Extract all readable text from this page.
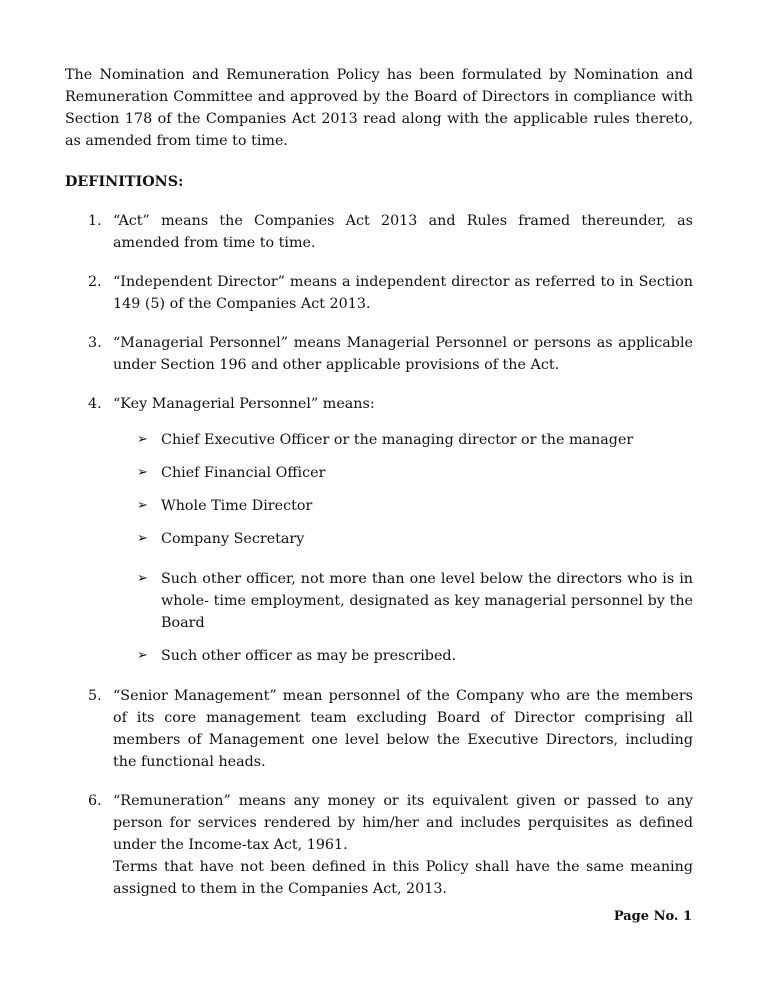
The Nomination and Remuneration Policy has been formulated by Nomination and Remuneration Committee and approved by the Board of Directors in compliance with Section 178 of the Companies Act 2013 read along with the applicable rules thereto, as amended from time to time.

DEFINITIONS:

1. “Act” means the Companies Act 2013 and Rules framed thereunder, as amended from time to time.
2. “Independent Director” means a independent director as referred to in Section 149 (5) of the Companies Act 2013.
3. “Managerial Personnel” means Managerial Personnel or persons as applicable under Section 196 and other applicable provisions of the Act.
4. “Key Managerial Personnel” means:
➢ Chief Executive Officer or the managing director or the manager
➢ Chief Financial Officer
➢ Whole Time Director
➢ Company Secretary
➢ Such other officer, not more than one level below the directors who is in whole- time employment, designated as key managerial personnel by the Board
➢ Such other officer as may be prescribed.
5. “Senior Management” mean personnel of the Company who are the members of its core management team excluding Board of Director comprising all members of Management one level below the Executive Directors, including the functional heads.
6. “Remuneration” means any money or its equivalent given or passed to any person for services rendered by him/her and includes perquisites as defined under the Income-tax Act, 1961.
Terms that have not been defined in this Policy shall have the same meaning assigned to them in the Companies Act, 2013.
Page No. 1
